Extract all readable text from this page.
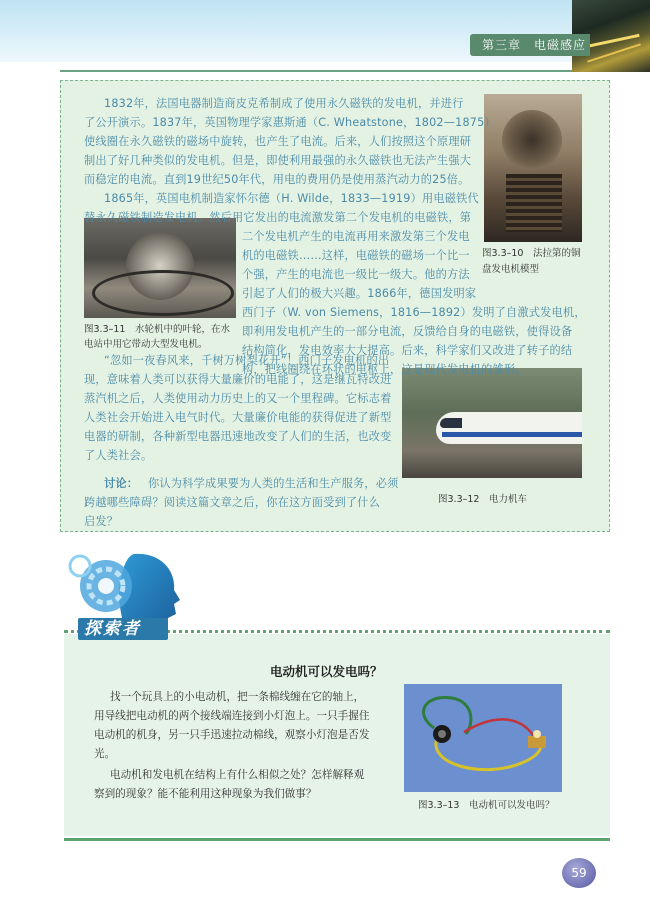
第三章　电磁感应
图3.3–10　法拉第的铜
盘发电机模型
图3.3–11　水轮机中的叶轮，在水
电站中用它带动大型发电机。
图3.3–12　电力机车
1832年，法国电器制造商皮克希制成了使用永久磁铁的发电机，并进行
了公开演示。1837年，英国物理学家惠斯通（C. Wheatstone，1802—1875）
使线圈在永久磁铁的磁场中旋转，也产生了电流。后来，人们按照这个原理研
制出了好几种类似的发电机。但是，即使利用最强的永久磁铁也无法产生强大
而稳定的电流。直到19世纪50年代，用电的费用仍是使用蒸汽动力的25倍。
1865年，英国电机制造家怀尔德（H. Wilde，1833—1919）用电磁铁代
替永久磁铁制造发电机。然后用它发出的电流激发第二个发电机的电磁铁，第
二个发电机产生的电流再用来激发第三个发电
机的电磁铁……这样，电磁铁的磁场一个比一
个强，产生的电流也一级比一级大。他的方法
引起了人们的极大兴趣。1866年，德国发明家
西门子（W. von Siemens，1816—1892）发明了自激式发电机，
即利用发电机产生的一部分电流，反馈给自身的电磁铁，使得设备
结构简化，发电效率大大提高。后来，科学家们又改进了转子的结
构，把线圈绕在环状的电枢上，这是现代发电机的雏形。
“忽如一夜春风来，千树万树梨花开”！西门子发电机的出
现，意味着人类可以获得大量廉价的电能了，这是继瓦特改进
蒸汽机之后，人类使用动力历史上的又一个里程碑。它标志着
人类社会开始进入电气时代。大量廉价电能的获得促进了新型
电器的研制，各种新型电器迅速地改变了人们的生活，也改变
了人类社会。
讨论： 你认为科学成果要为人类的生活和生产服务，必须
跨越哪些障碍？阅读这篇文章之后，你在这方面受到了什么
启发？
探索者
电动机可以发电吗？
找一个玩具上的小电动机，把一条棉线缠在它的轴上，
用导线把电动机的两个接线端连接到小灯泡上。一只手握住
电动机的机身，另一只手迅速拉动棉线，观察小灯泡是否发
光。
电动机和发电机在结构上有什么相似之处？怎样解释观
察到的现象？能不能利用这种现象为我们做事？
图3.3–13　电动机可以发电吗？
59
